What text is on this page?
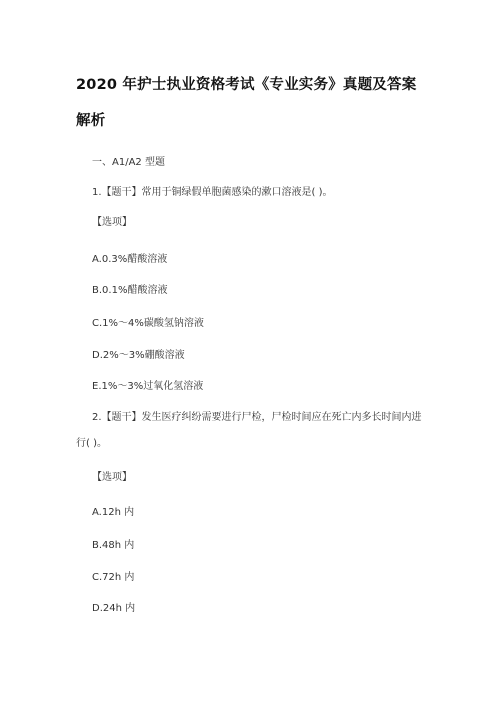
2020 年护士执业资格考试《专业实务》真题及答案
解析
一、A1/A2 型题
1.【题干】常用于铜绿假单胞菌感染的漱口溶液是( )。
【选项】
A.0.3%醋酸溶液
B.0.1%醋酸溶液
C.1%～4%碳酸氢钠溶液
D.2%～3%硼酸溶液
E.1%～3%过氧化氢溶液
2.【题干】发生医疗纠纷需要进行尸检，尸检时间应在死亡内多长时间内进
行( )。
【选项】
A.12h 内
B.48h 内
C.72h 内
D.24h 内
